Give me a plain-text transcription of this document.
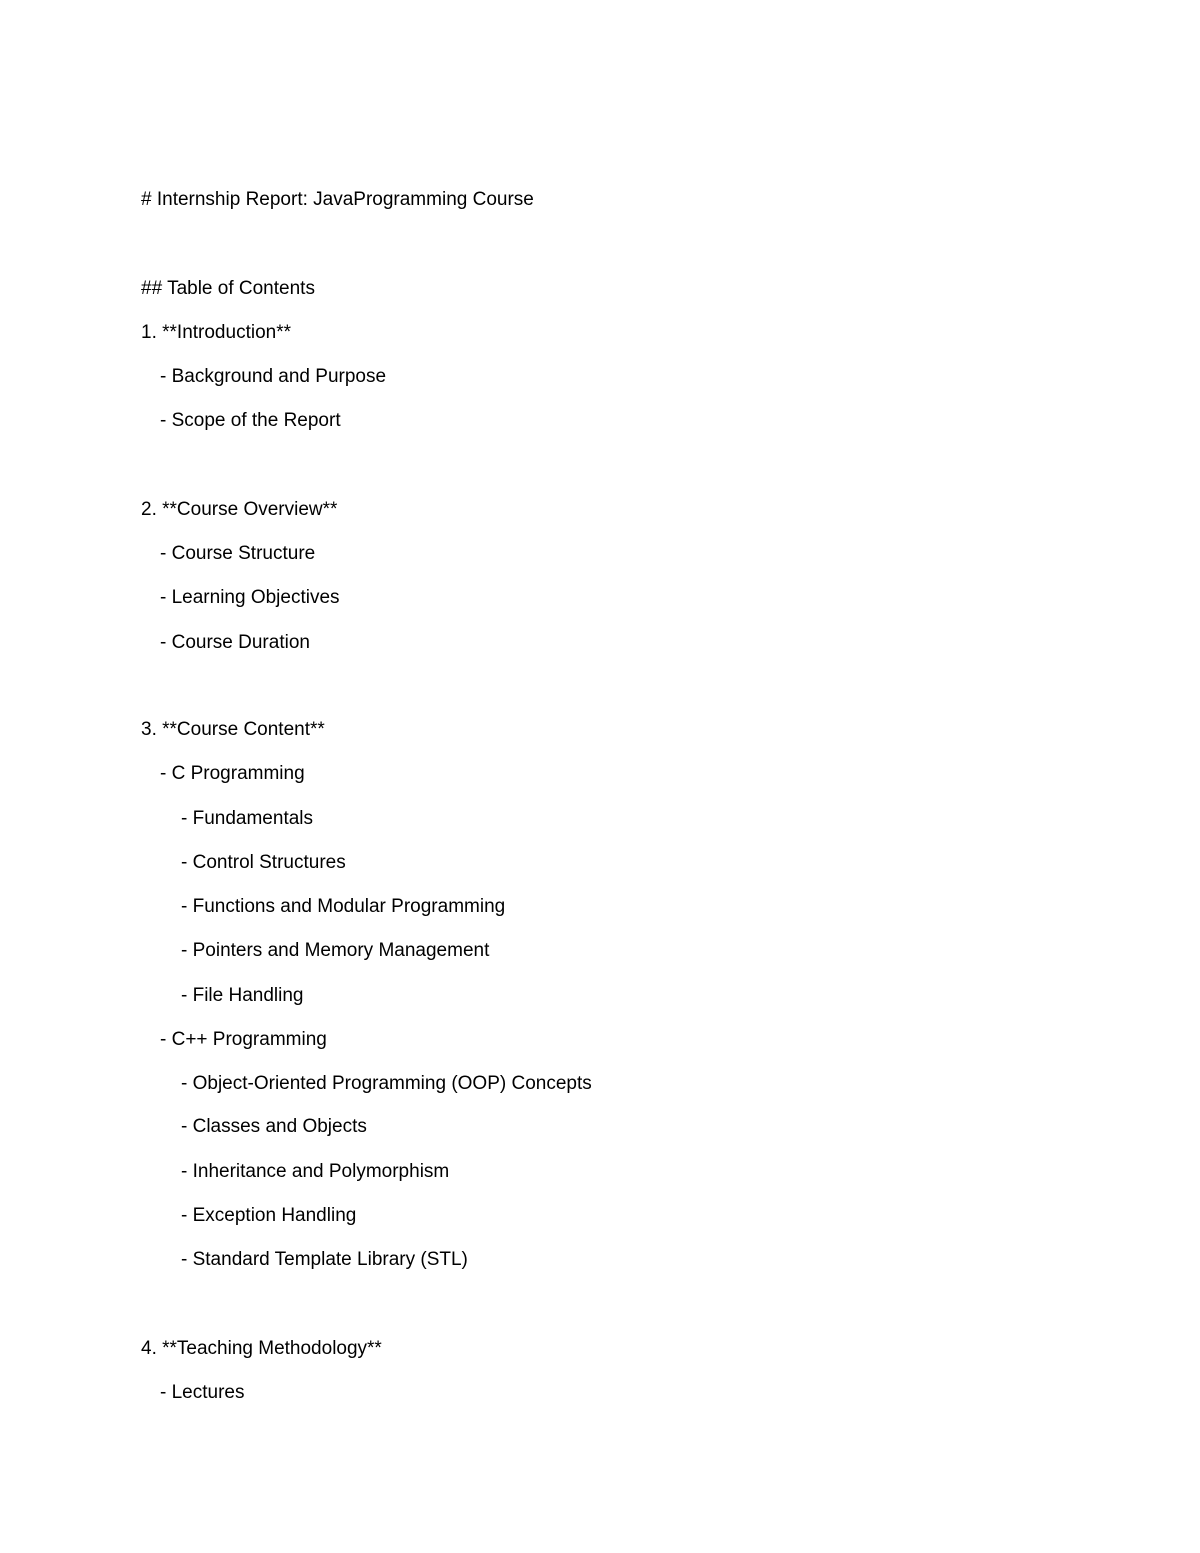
# Internship Report: JavaProgramming Course
## Table of Contents
1. **Introduction**
- Background and Purpose
- Scope of the Report
2. **Course Overview**
- Course Structure
- Learning Objectives
- Course Duration
3. **Course Content**
- C Programming
- Fundamentals
- Control Structures
- Functions and Modular Programming
- Pointers and Memory Management
- File Handling
- C++ Programming
- Object-Oriented Programming (OOP) Concepts
- Classes and Objects
- Inheritance and Polymorphism
- Exception Handling
- Standard Template Library (STL)
4. **Teaching Methodology**
- Lectures
